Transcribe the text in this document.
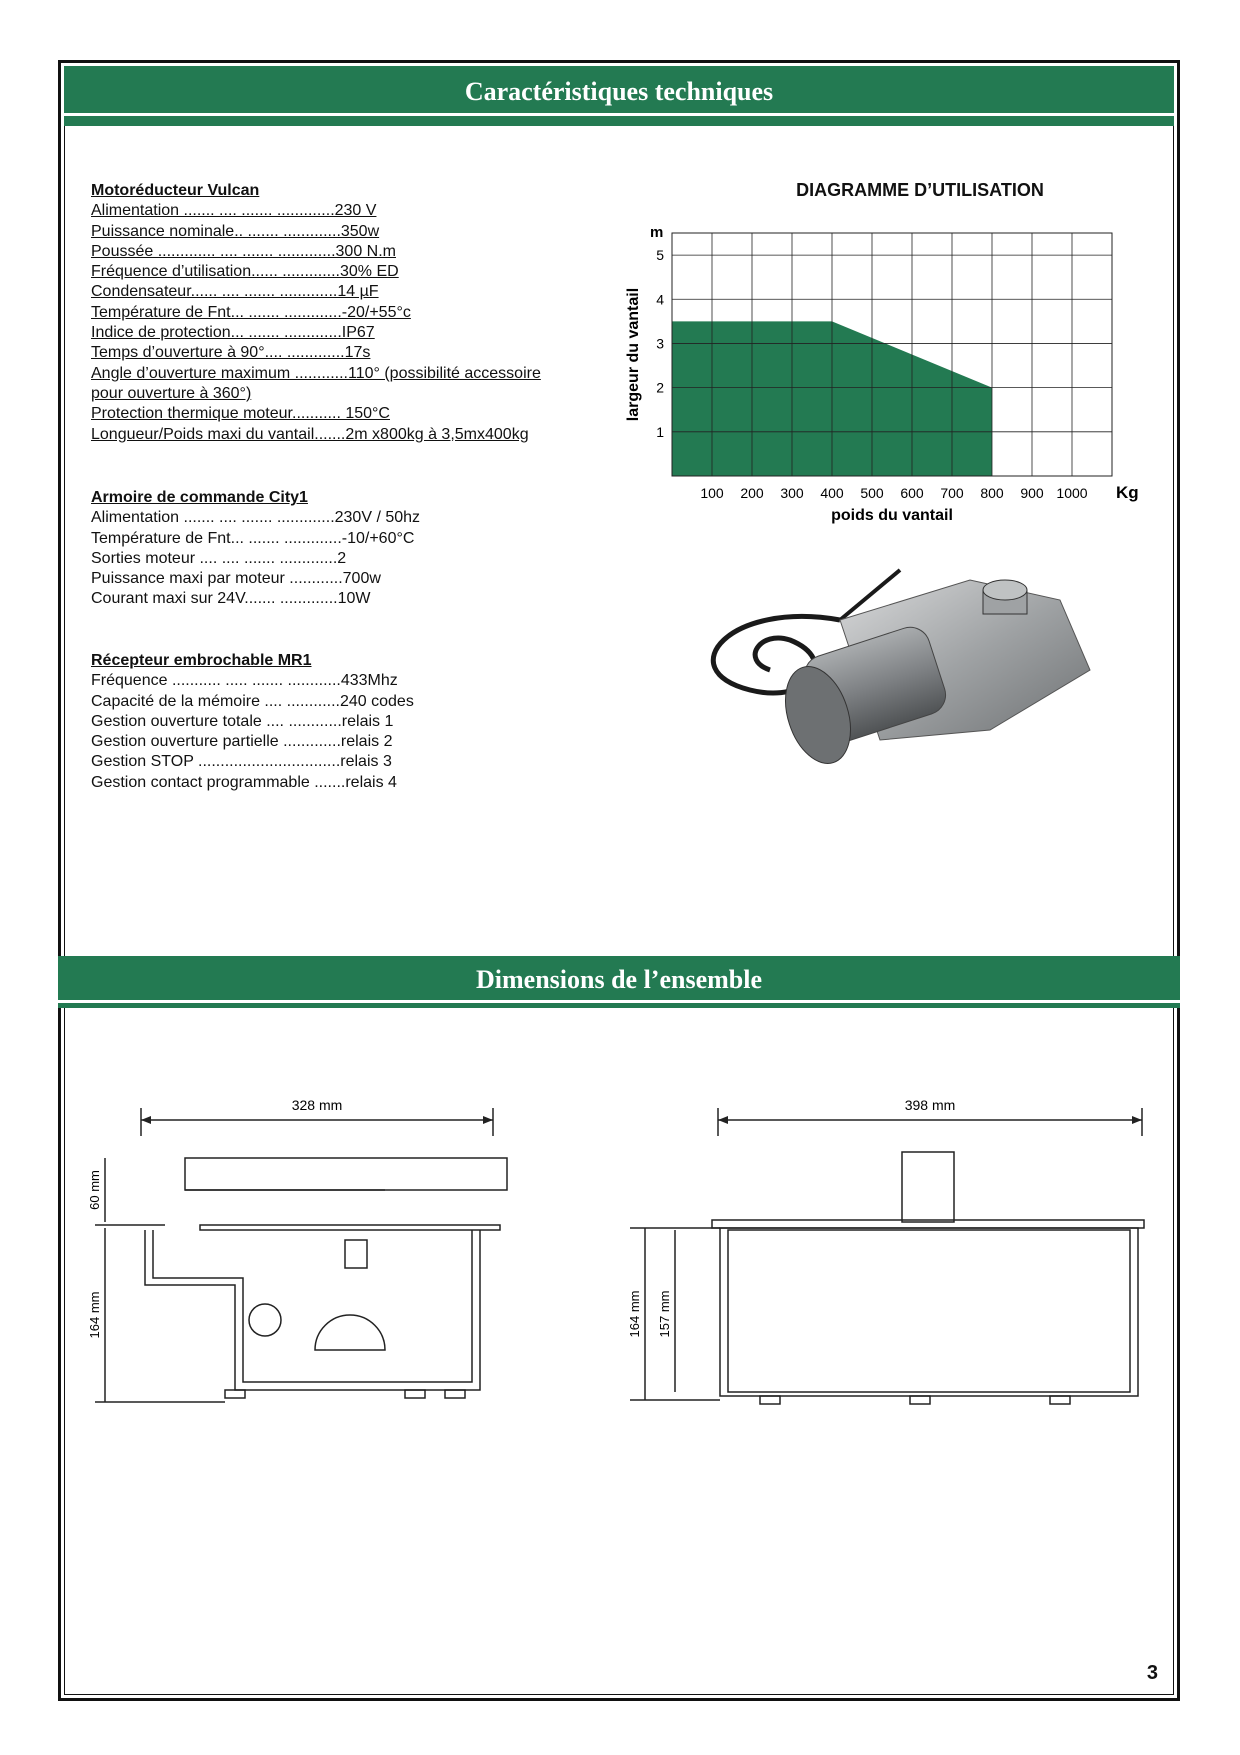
Caractéristiques techniques
Motoréducteur Vulcan
Alimentation ....... .... ....... .............230 V
Puissance nominale.. ....... .............350w
Poussée ............. .... ....... .............300 N.m
Fréquence d’utilisation...... .............30% ED
Condensateur...... .... ....... .............14 µF
Température de Fnt... ....... .............-20/+55°c
Indice de protection... ....... .............IP67
Temps d’ouverture à 90°.... .............17s
Angle d’ouverture maximum ............110° (possibilité accessoire
pour ouverture à 360°)
Protection thermique moteur........... 150°C
Longueur/Poids maxi du vantail.......2m x800kg à 3,5mx400kg
Armoire de commande City1
Alimentation ....... .... ....... .............230V / 50hz
Température de Fnt... ....... .............-10/+60°C
Sorties moteur .... .... ....... .............2
Puissance maxi par moteur ............700w
Courant maxi sur 24V....... .............10W
Récepteur embrochable MR1
Fréquence ........... ..... ....... ............433Mhz
Capacité de la mémoire .... ............240 codes
Gestion ouverture totale .... ............relais 1
Gestion ouverture partielle .............relais 2
Gestion STOP ................................relais 3
Gestion contact programmable .......relais 4
DIAGRAMME D’UTILISATION
100 200 300 400 500 600 700 800 900 1000
1
2
3
4
5
Kg
m
poids du vantail
largeur du vantail
Dimensions de l’ensemble
328 mm
60 mm
164 mm
398 mm
164 mm 157 mm
3
